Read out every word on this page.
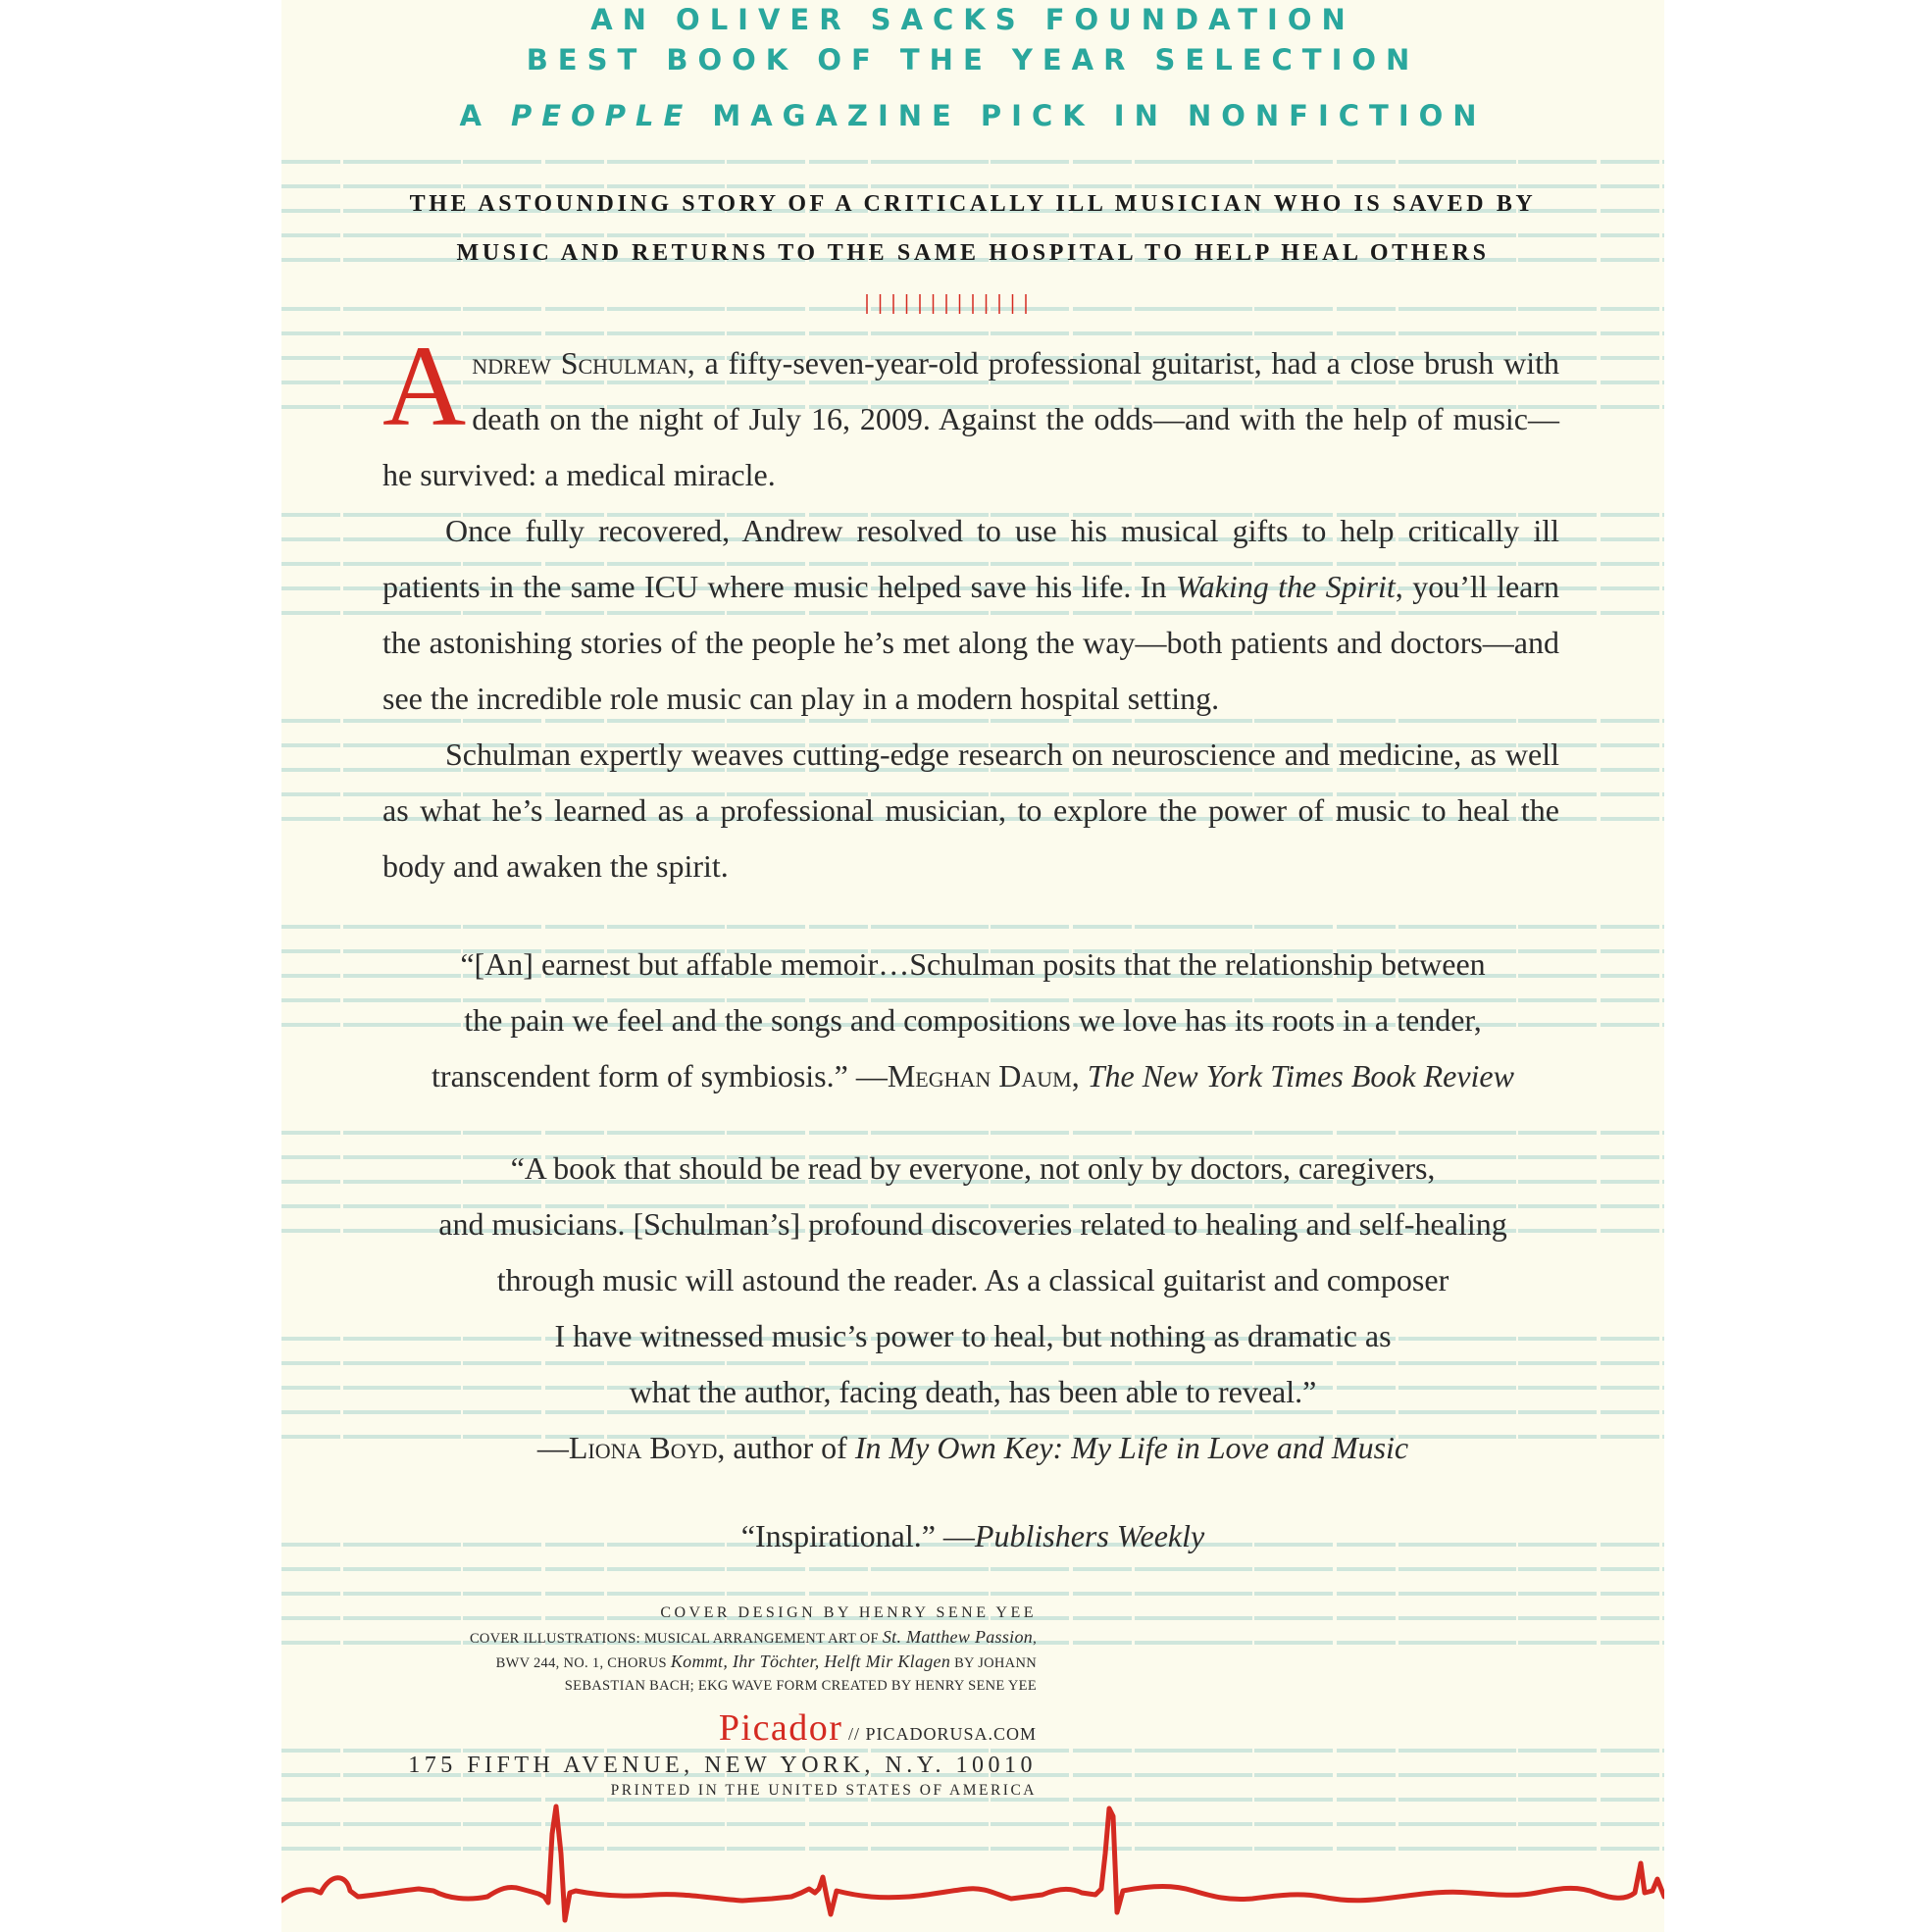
AN OLIVER SACKS FOUNDATION
BEST BOOK OF THE YEAR SELECTION
A PEOPLE MAGAZINE PICK IN NONFICTION
THE ASTOUNDING STORY OF A CRITICALLY ILL MUSICIAN WHO IS SAVED BY
MUSIC AND RETURNS TO THE SAME HOSPITAL TO HELP HEAL OTHERS

Andrew Schulman, a fifty-seven-year-old professional guitarist, had a close brush with death on the night of July 16, 2009. Against the odds—and with the help of music—he survived: a medical miracle.

Once fully recovered, Andrew resolved to use his musical gifts to help critically ill patients in the same ICU where music helped save his life. In Waking the Spirit, you’ll learn the astonishing stories of the people he’s met along the way—both patients and doctors—and see the incredible role music can play in a modern hospital setting.

Schulman expertly weaves cutting-edge research on neuroscience and medicine, as well as what he’s learned as a professional musician, to explore the power of music to heal the body and awaken the spirit.

“[An] earnest but affable memoir…Schulman posits that the relationship between
the pain we feel and the songs and compositions we love has its roots in a tender,
transcendent form of symbiosis.” —Meghan Daum, The New York Times Book Review
“A book that should be read by everyone, not only by doctors, caregivers,
and musicians. [Schulman’s] profound discoveries related to healing and self-healing
through music will astound the reader. As a classical guitarist and composer
I have witnessed music’s power to heal, but nothing as dramatic as
what the author, facing death, has been able to reveal.”
—Liona Boyd, author of In My Own Key: My Life in Love and Music
“Inspirational.” —Publishers Weekly
COVER DESIGN BY HENRY SENE YEE
COVER ILLUSTRATIONS: MUSICAL ARRANGEMENT ART OF St. Matthew Passion,
BWV 244, NO. 1, CHORUS Kommt, Ihr Töchter, Helft Mir Klagen BY JOHANN
SEBASTIAN BACH; EKG WAVE FORM CREATED BY HENRY SENE YEE
Picador // PICADORUSA.COM
175 FIFTH AVENUE, NEW YORK, N.Y. 10010
PRINTED IN THE UNITED STATES OF AMERICA
